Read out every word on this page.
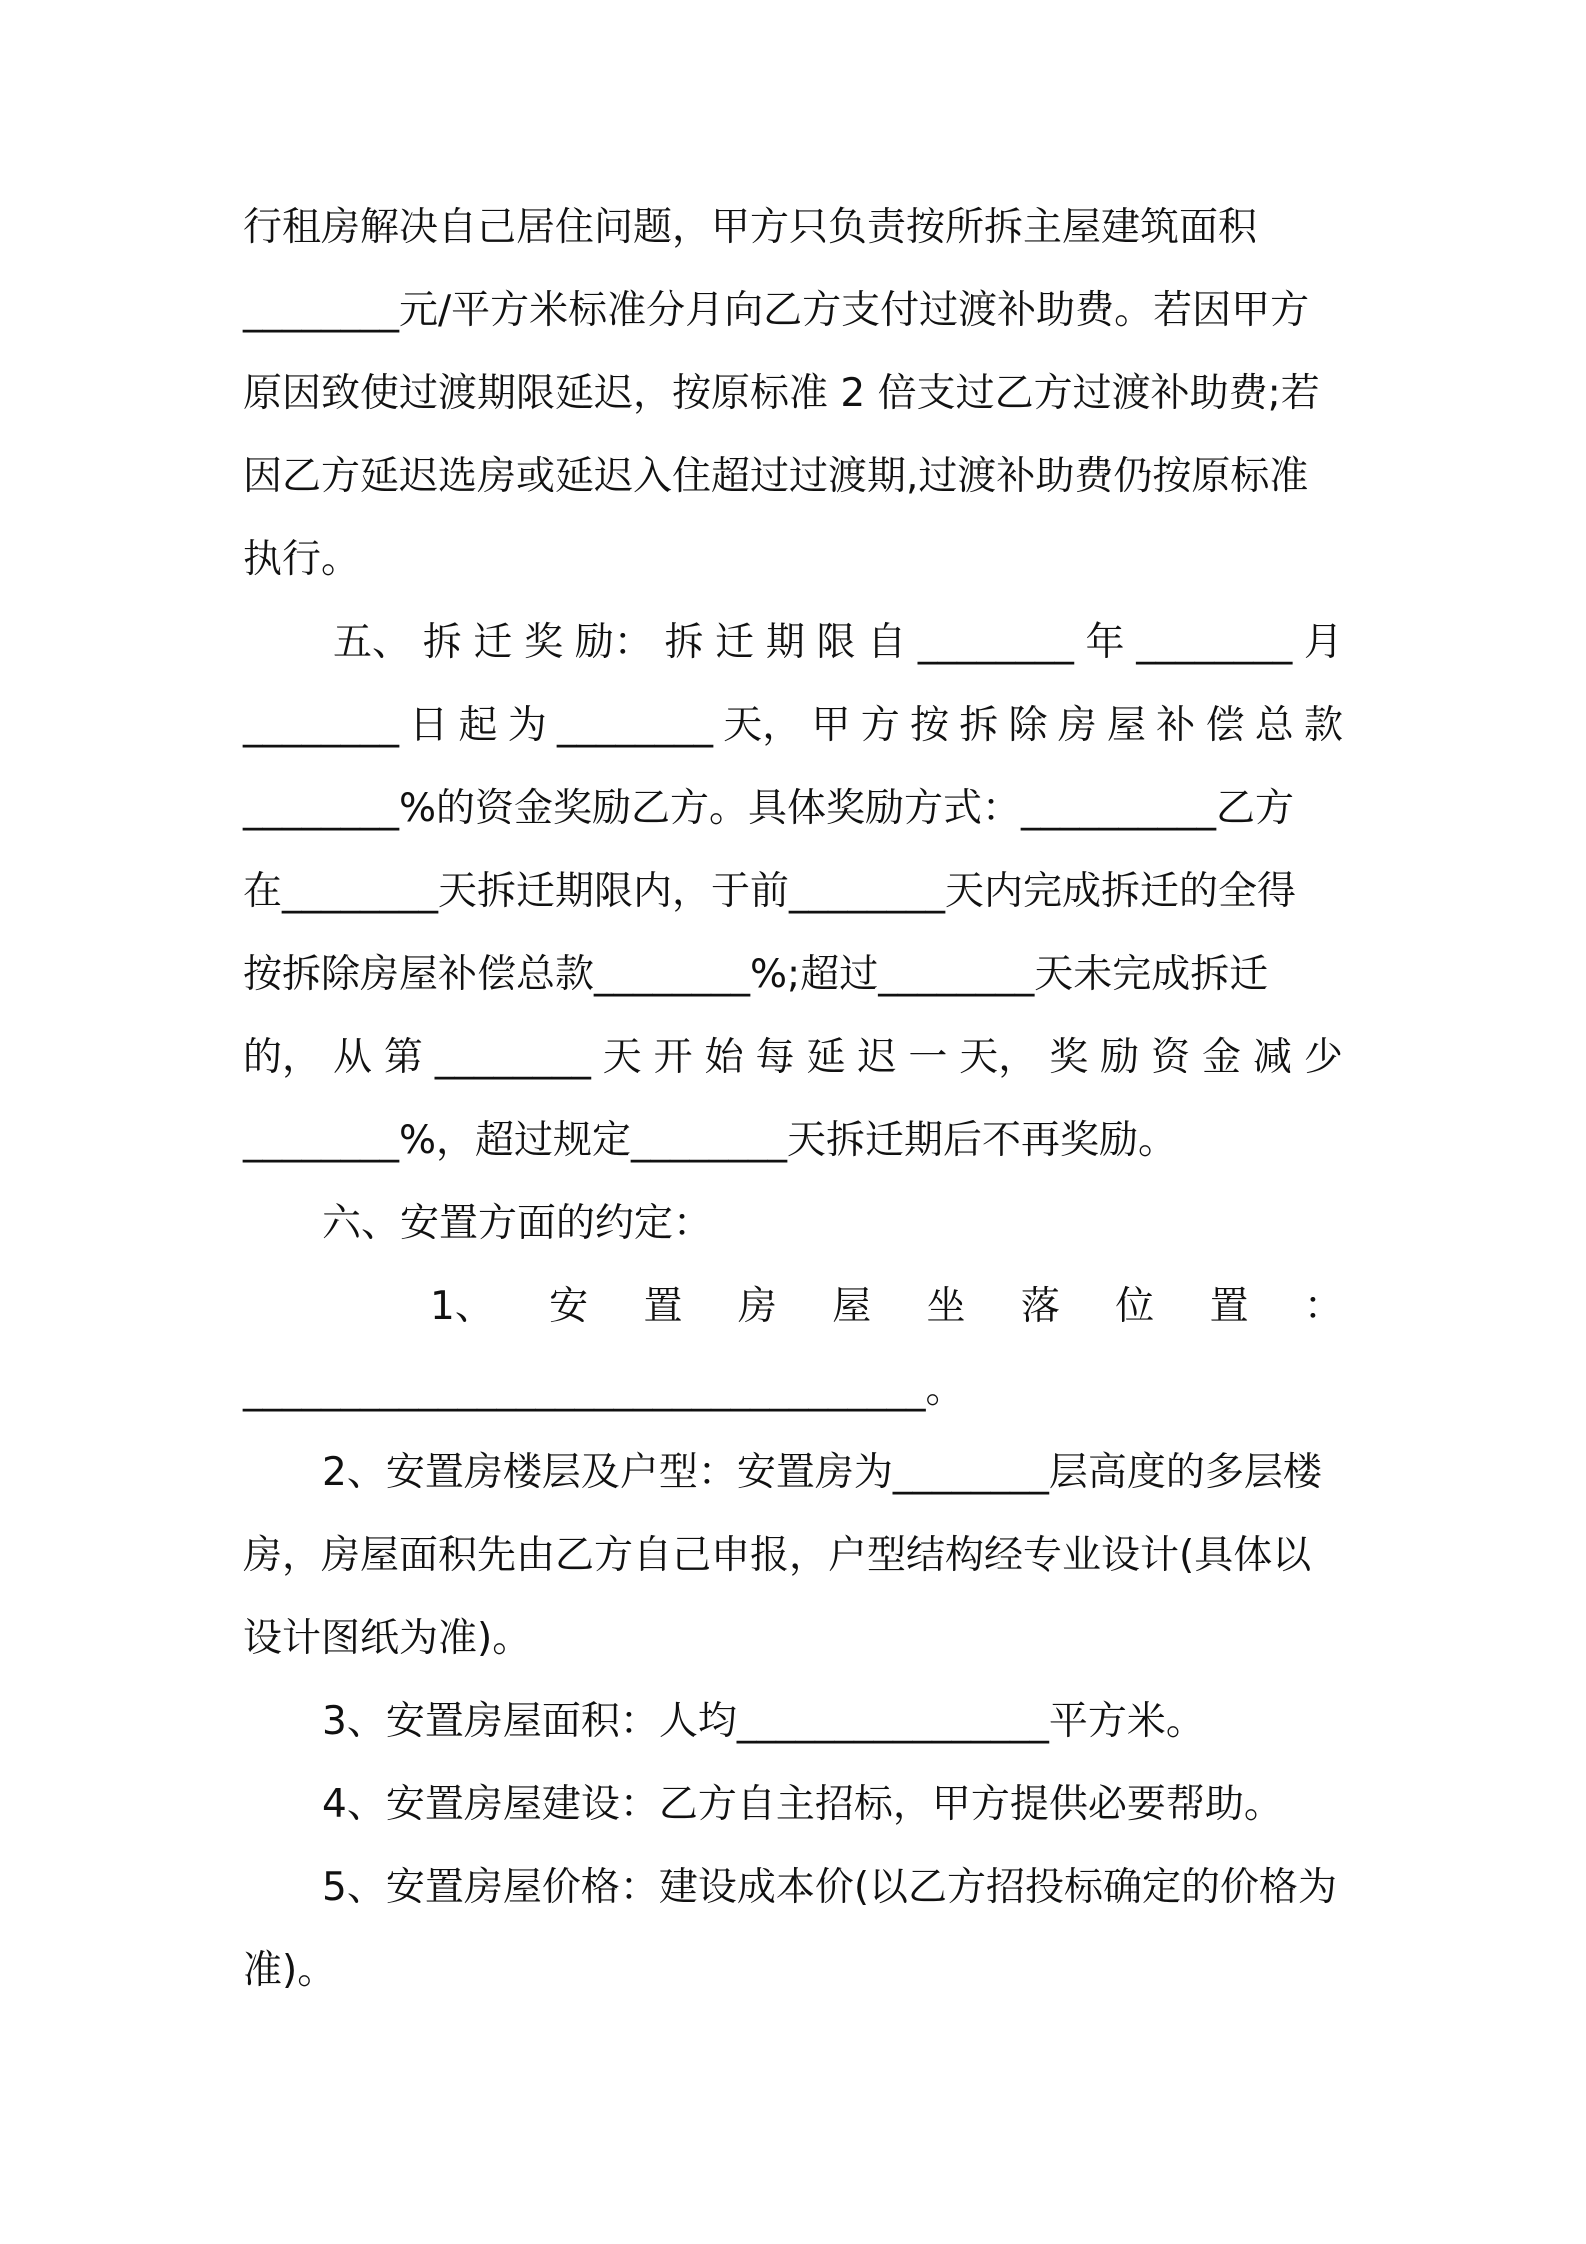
行租房解决自己居住问题，甲方只负责按所拆主屋建筑面积
________元/平方米标准分月向乙方支付过渡补助费。若因甲方
原因致使过渡期限延迟，按原标准 2 倍支过乙方过渡补助费;若
因乙方延迟选房或延迟入住超过过渡期,过渡补助费仍按原标准
执行。
五、 拆 迁 奖 励： 拆 迁 期 限 自 ________ 年 ________ 月
________ 日 起 为 ________ 天， 甲 方 按 拆 除 房 屋 补 偿 总 款
________%的资金奖励乙方。具体奖励方式：__________乙方
在________天拆迁期限内，于前________天内完成拆迁的全得
按拆除房屋补偿总款________%;超过________天未完成拆迁
的， 从 第 ________ 天 开 始 每 延 迟 一 天， 奖 励 资 金 减 少
________%，超过规定________天拆迁期后不再奖励。
六、安置方面的约定：
1、 安 置 房 屋 坐 落 位 置 ：
___________________________________。
2、安置房楼层及户型：安置房为________层高度的多层楼
房，房屋面积先由乙方自己申报，户型结构经专业设计(具体以
设计图纸为准)。
3、安置房屋面积：人均________________平方米。
4、安置房屋建设：乙方自主招标，甲方提供必要帮助。
5、安置房屋价格：建设成本价(以乙方招投标确定的价格为
准)。
